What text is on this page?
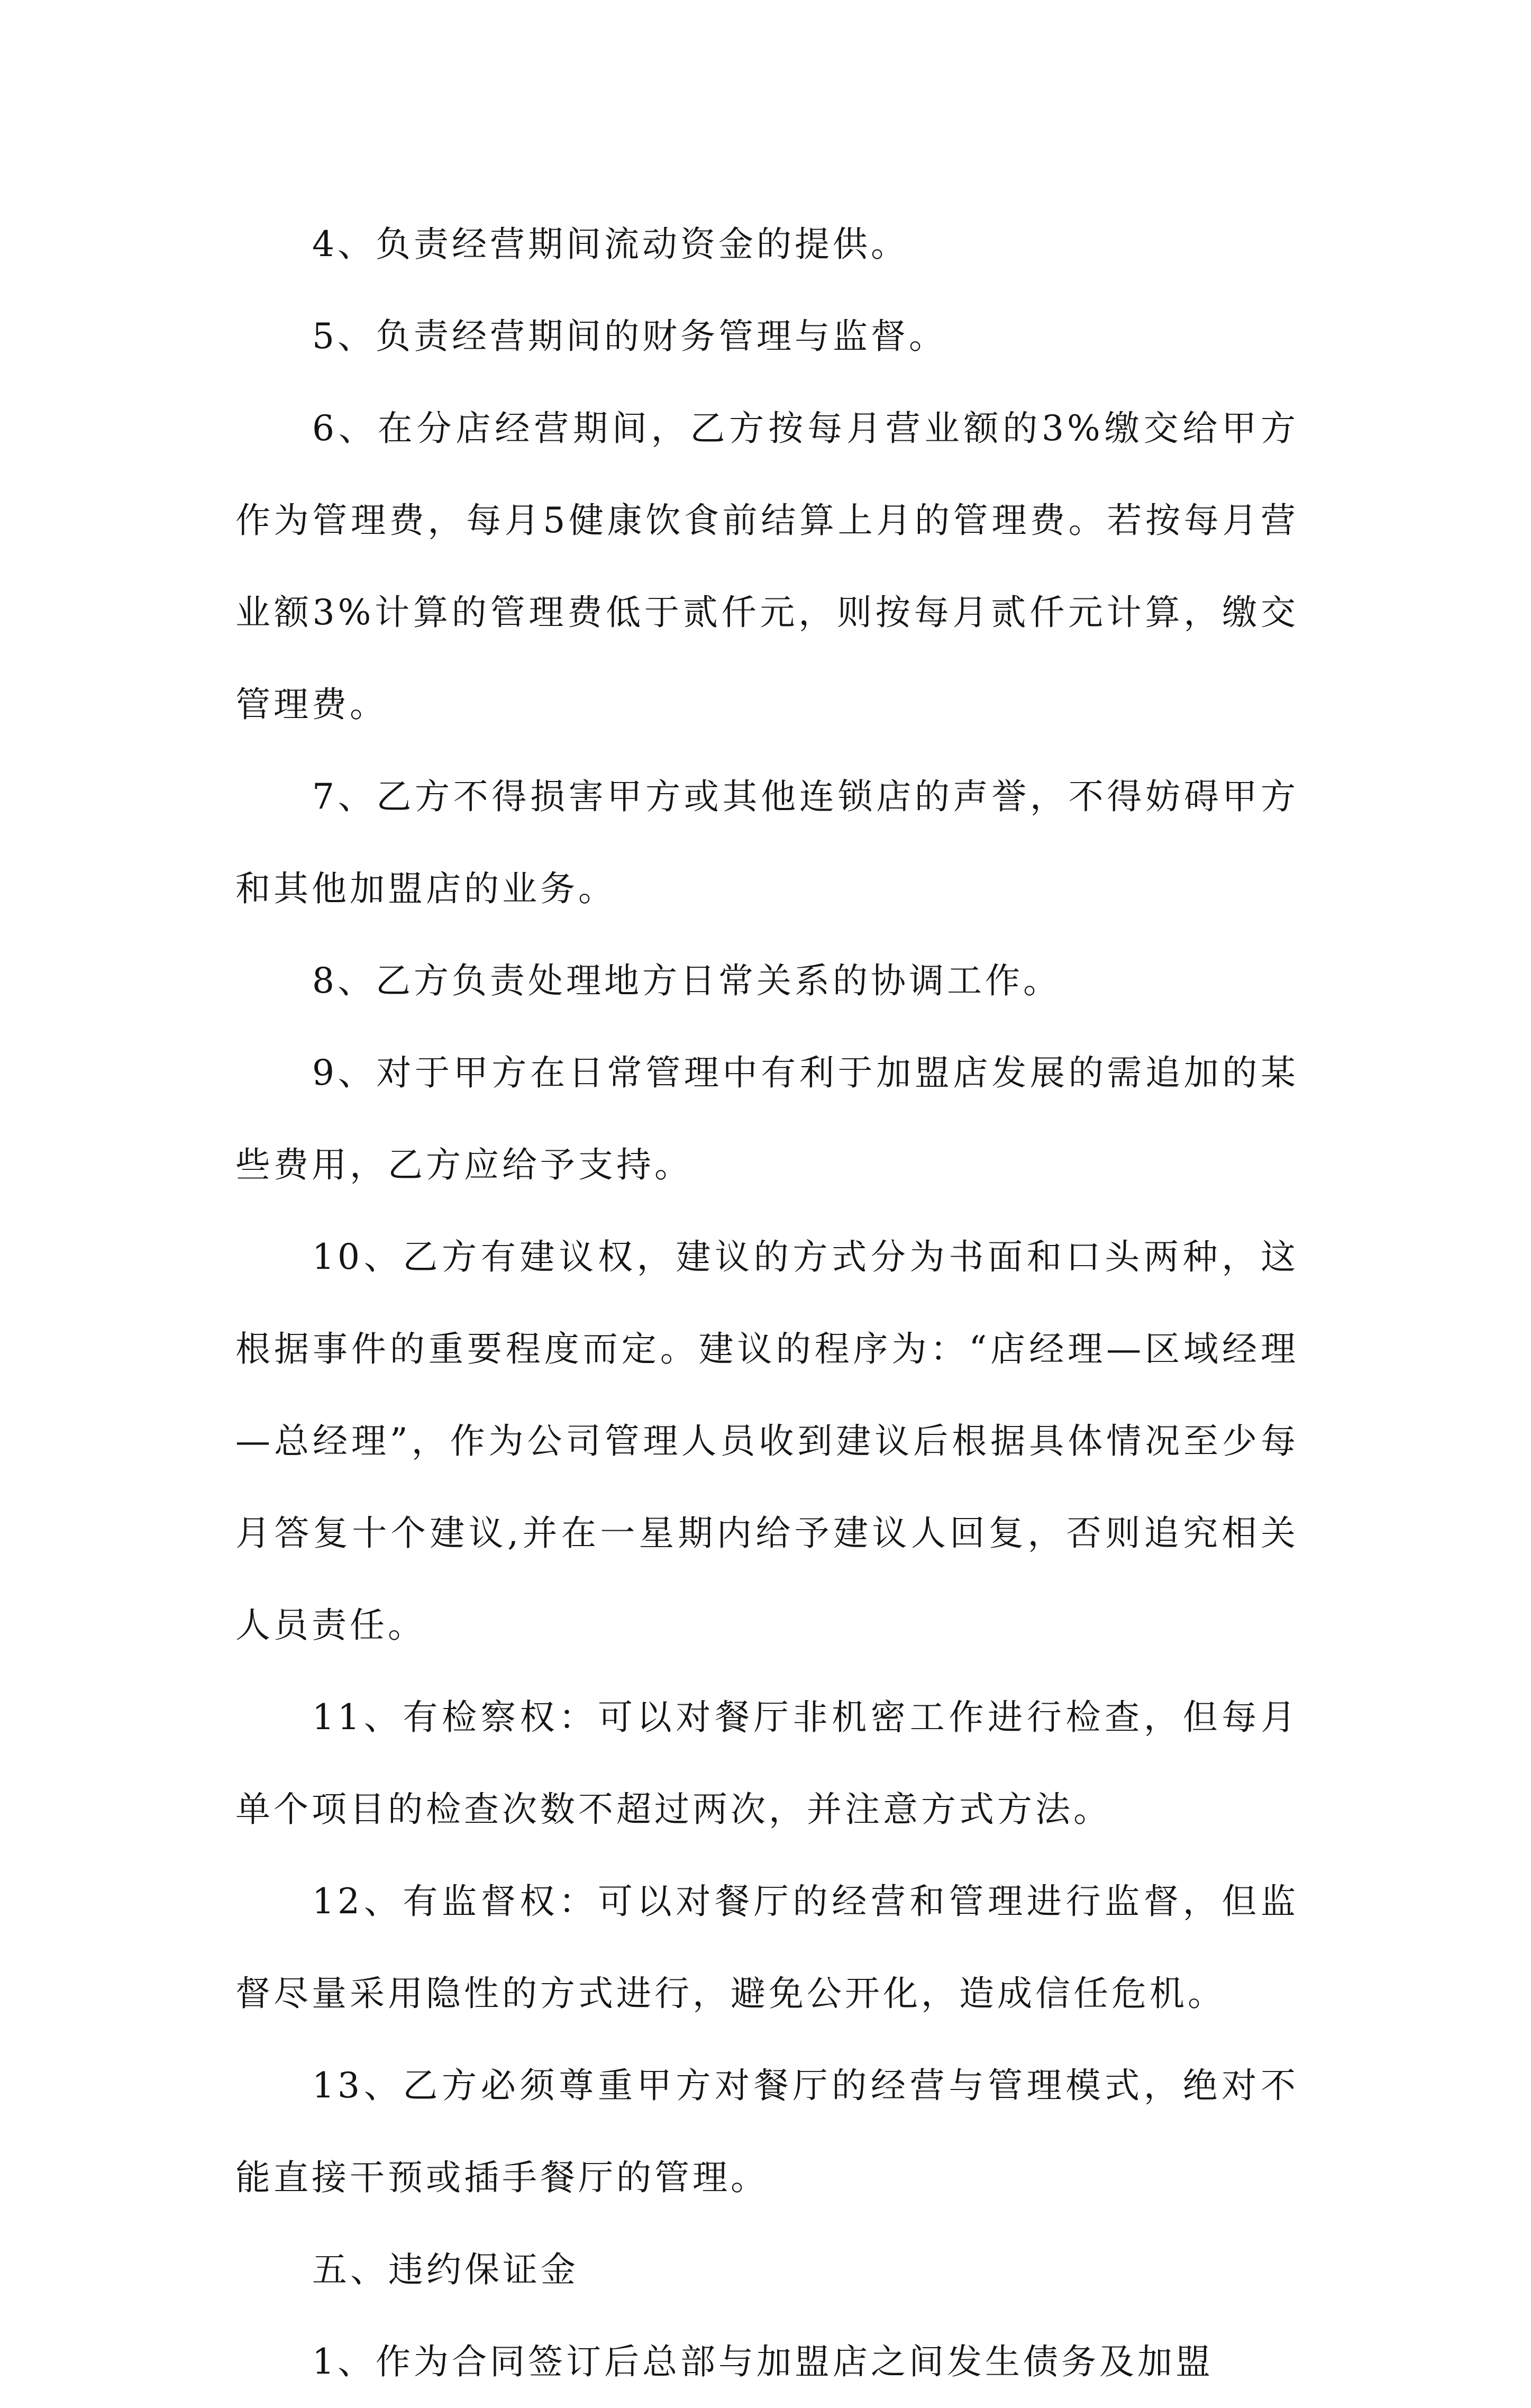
4、负责经营期间流动资金的提供。

5、负责经营期间的财务管理与监督。

6、在分店经营期间，乙方按每月营业额的3%缴交给甲方作为管理费，每月5健康饮食前结算上月的管理费。若按每月营业额3%计算的管理费低于贰仟元，则按每月贰仟元计算，缴交管理费。

7、乙方不得损害甲方或其他连锁店的声誉，不得妨碍甲方和其他加盟店的业务。

8、乙方负责处理地方日常关系的协调工作。

9、对于甲方在日常管理中有利于加盟店发展的需追加的某些费用，乙方应给予支持。

10、乙方有建议权，建议的方式分为书面和口头两种，这根据事件的重要程度而定。建议的程序为：“店经理—区域经理—总经理”，作为公司管理人员收到建议后根据具体情况至少每月答复十个建议,并在一星期内给予建议人回复，否则追究相关人员责任。

11、有检察权：可以对餐厅非机密工作进行检查，但每月单个项目的检查次数不超过两次，并注意方式方法。

12、有监督权：可以对餐厅的经营和管理进行监督，但监督尽量采用隐性的方式进行，避免公开化，造成信任危机。

13、乙方必须尊重甲方对餐厅的经营与管理模式，绝对不能直接干预或插手餐厅的管理。

五、违约保证金

1、作为合同签订后总部与加盟店之间发生债务及加盟
